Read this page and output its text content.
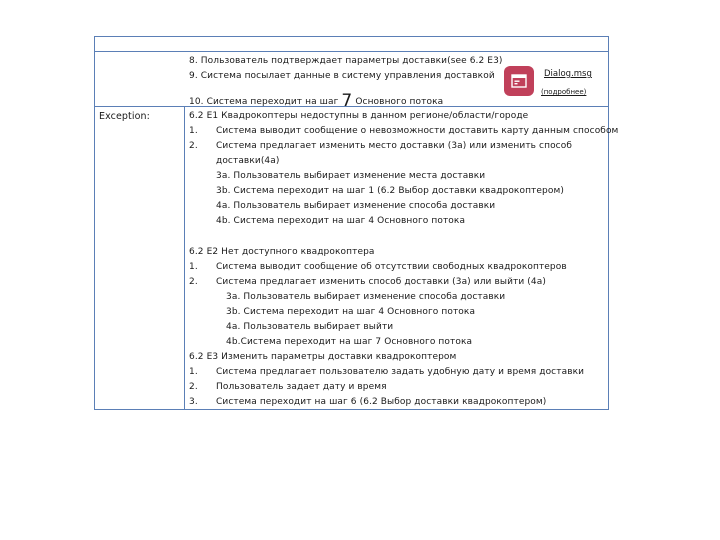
8. Пользователь подтверждает параметры доставки(see 6.2 E3)
9. Система посылает данные в систему управления доставкой
10. Система переходит на шаг 7 Основного потока
Dialog.msg
(подробнее)
Exception:	6.2 E1 Квадрокоптеры недоступны в данном регионе/области/городе
1. Система выводит сообщение о невозможности доставить карту данным способом
2. Система предлагает изменить место доставки (3a) или изменить способ
доставки(4a)
3a. Пользователь выбирает изменение места доставки
3b. Система переходит на шаг 1 (6.2 Выбор доставки квадрокоптером)
4a. Пользователь выбирает изменение способа доставки
4b. Система переходит на шаг 4 Основного потока
6.2 E2 Нет доступного квадрокоптера
1. Система выводит сообщение об отсутствии свободных квадрокоптеров
2. Система предлагает изменить способ доставки (3a) или выйти (4a)
3a. Пользователь выбирает изменение способа доставки
3b. Система переходит на шаг 4 Основного потока
4a. Пользователь выбирает выйти
4b.Система переходит на шаг 7 Основного потока
6.2 E3 Изменить параметры доставки квадрокоптером
1. Система предлагает пользователю задать удобную дату и время доставки
2. Пользователь задает дату и время
3. Система переходит на шаг 6 (6.2 Выбор доставки квадрокоптером)
